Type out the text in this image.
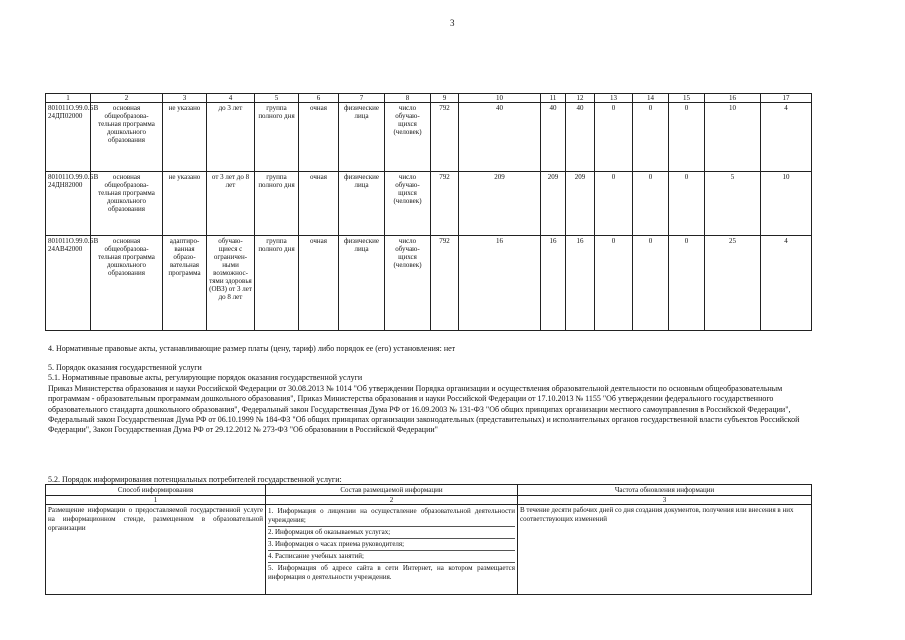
3
1	2	3	4	5	6	7	8	9	10	11	12	13	14	15	16	17
801011О.99.0.БВ 24ДП02000	основная общеобразова-тельная программа дошкольного образования	не указано	до 3 лет	группа полного дня	очная	физические лица	число обучаю-щихся (человек)	792	40	40	40	0	0	0	10	4
801011О.99.0.БВ 24ДН82000	основная общеобразова-тельная программа дошкольного образования	не указано	от 3 лет до 8 лет	группа полного дня	очная	физические лица	число обучаю-щихся (человек)	792	209	209	209	0	0	0	5	10
801011О.99.0.БВ 24АВ42000	основная общеобразова-тельная программа дошкольного образования	адаптиро-ванная образо-вательная программа	обучаю-щиеся с ограничен-ными возможнос-тями здоровья (ОВЗ) от 3 лет до 8 лет	группа полного дня	очная	физические лица	число обучаю-щихся (человек)	792	16	16	16	0	0	0	25	4
4. Нормативные правовые акты, устанавливающие размер платы (цену, тариф) либо порядок ее (его) установления: нет
5. Порядок оказания государственной услуги
5.1. Нормативные правовые акты, регулирующие порядок оказания государственной услуги
Приказ Министерства образования и науки Российской Федерации от 30.08.2013 № 1014 "Об утверждении Порядка организации и осуществления образовательной деятельности по основным общеобразовательным программам - образовательным программам дошкольного образования", Приказ Министерства образования и науки Российской Федерации от 17.10.2013 № 1155 "Об утверждении федерального государственного образовательного стандарта дошкольного образования", Федеральный закон Государственная Дума РФ от 16.09.2003 № 131-ФЗ "Об общих принципах организации местного самоуправления в Российской Федерации", Федеральный закон Государственная Дума РФ от 06.10.1999 № 184-ФЗ "Об общих принципах организации законодательных (представительных) и исполнительных органов государственной власти субъектов Российской Федерации", Закон Государственная Дума РФ от 29.12.2012 № 273-ФЗ "Об образовании в Российской Федерации"
5.2. Порядок информирования потенциальных потребителей государственной услуги:
Способ информирования	Состав размещаемой информации	Частота обновления информации
1	2	3
Размещение информации о предоставляемой государственной услуге на информационном стенде, размещенном в образовательной организации	1. Информация о лицензии на осуществление образовательной деятельности учреждения;
2. Информация об оказываемых услугах;
3. Информация о часах приема руководителя;
4. Расписание учебных занятий;
5. Информация об адресе сайта в сети Интернет, на котором размещается информация о деятельности учреждения.	В течение десяти рабочих дней со дня создания документов, получения или внесения в них соответствующих изменений
